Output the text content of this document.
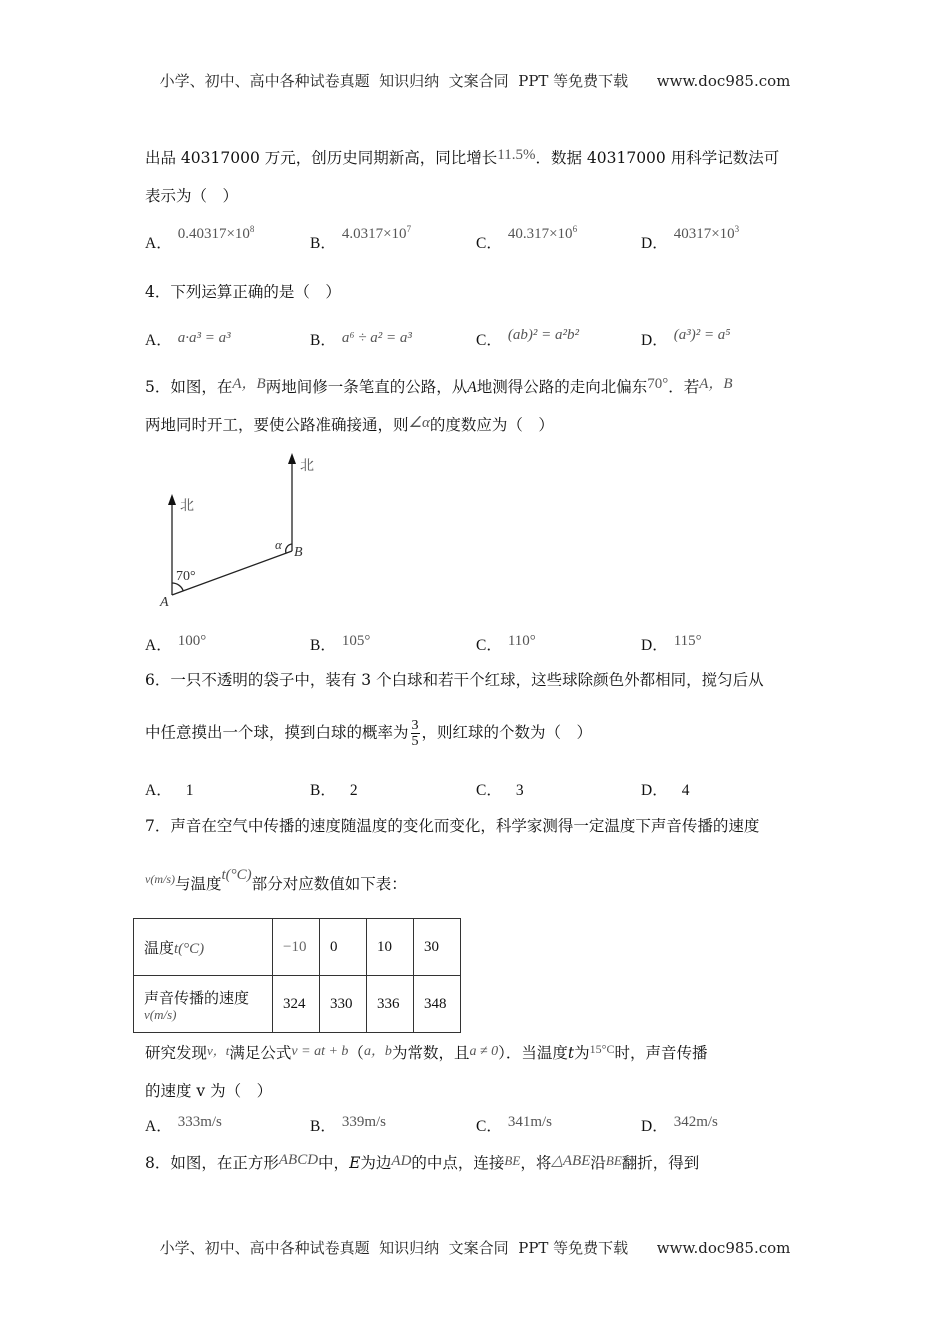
小学、初中、高中各种试卷真题  知识归纳  文案合同  PPT 等免费下载 www.doc985.com
出品 40317000 万元，创历史同期新高，同比增长11.5%．数据 40317000 用科学记数法可
表示为（　）
A．$0.40317\times 10^8$
B．$4.0317\times 10^7$
C．$40.317\times 10^6$
D．$40317\times 10^3$
4．下列运算正确的是（　）
A． a·a³ = a³	B． a⁶ ÷ a² = a³	C． (ab)² = a²b²	D． (a³)² = a⁵
5．如图，在A，B两地间修一条笔直的公路，从A地测得公路的走向北偏东70°．若A，B
两地同时开工，要使公路准确接通，则∠α的度数应为（　）
北
北
70°
A
B
α
A． 100°	B． 105°	C． 110°	D． 115°
6．一只不透明的袋子中，装有 3 个白球和若干个红球，这些球除颜色外都相同，搅匀后从
中任意摸出一个球，摸到白球的概率为 $\frac{3}{5}$ ，则红球的个数为（　）
A． 1	B． 2	C． 3	D． 4
7．声音在空气中传播的速度随温度的变化而变化，科学家测得一定温度下声音传播的速度
$^{v(m/s)}$与温度t(°C)部分对应数值如下表：
温度t(°C)	−10	0	10	30
声音传播的速度
v(m/s)	324	330	336	348
研究发现v，t满足公式v = at + b（a，b为常数，且a ≠ 0）．当温度t为$^{15^\circ C}$时，声音传播
的速度 v 为（　）
A． 333m/s	B． 339m/s	C． 341m/s	D． 342m/s
8．如图，在正方形ABCD中，E为边AD的中点，连接BE，将△ABE沿BE翻折，得到
小学、初中、高中各种试卷真题  知识归纳  文案合同  PPT 等免费下载 www.doc985.com
